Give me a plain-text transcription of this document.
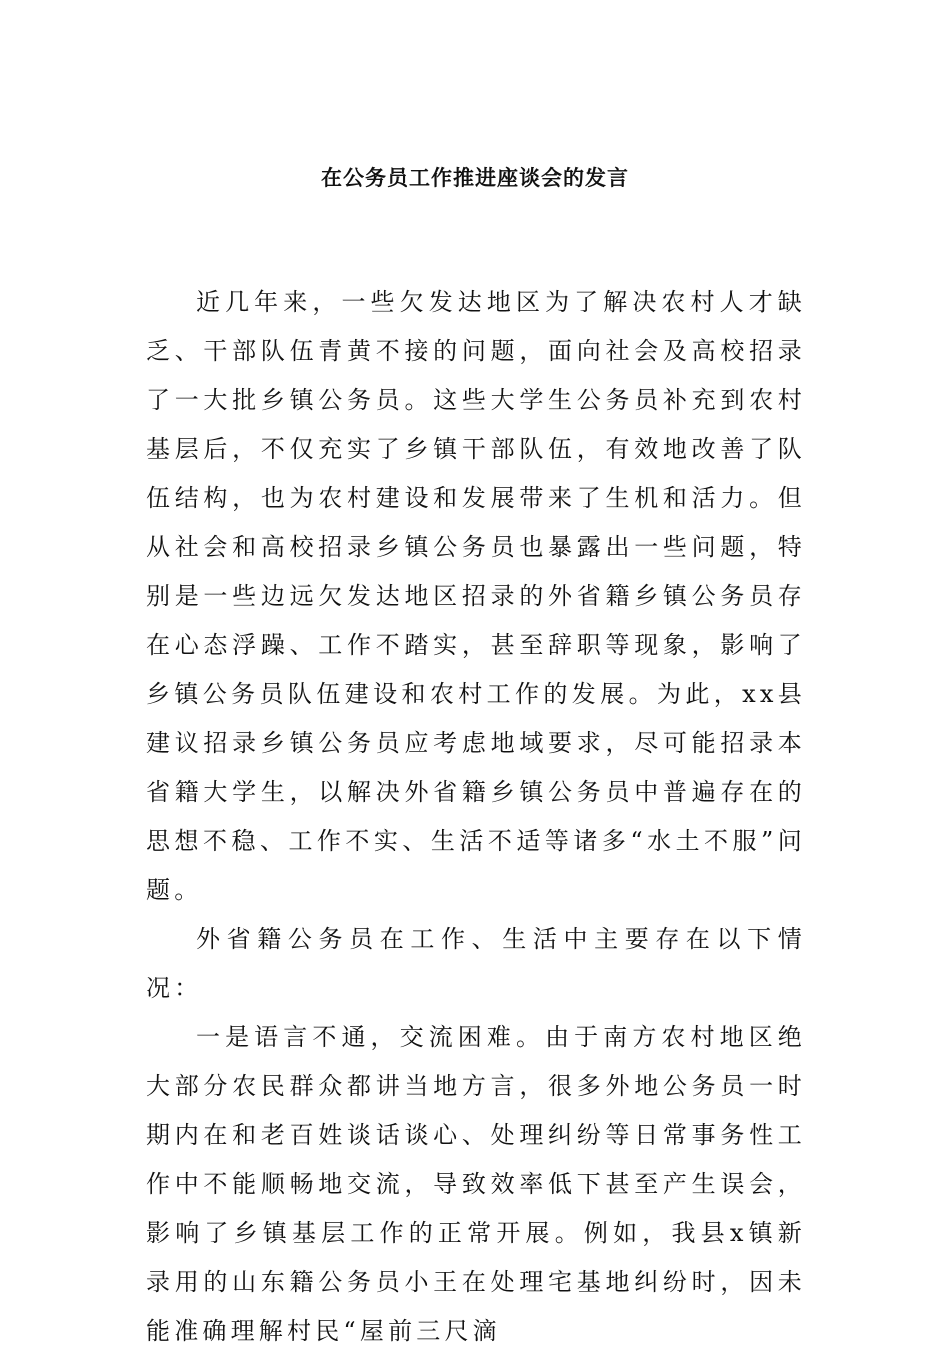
在公务员工作推进座谈会的发言

近几年来，一些欠发达地区为了解决农村人才缺乏、干部队伍青黄不接的问题，面向社会及高校招录了一大批乡镇公务员。这些大学生公务员补充到农村基层后，不仅充实了乡镇干部队伍，有效地改善了队伍结构，也为农村建设和发展带来了生机和活力。但从社会和高校招录乡镇公务员也暴露出一些问题，特别是一些边远欠发达地区招录的外省籍乡镇公务员存在心态浮躁、工作不踏实，甚至辞职等现象，影响了乡镇公务员队伍建设和农村工作的发展。为此，xx县建议招录乡镇公务员应考虑地域要求，尽可能招录本省籍大学生，以解决外省籍乡镇公务员中普遍存在的思想不稳、工作不实、生活不适等诸多“水土不服”问题。

外省籍公务员在工作、生活中主要存在以下情况：

一是语言不通，交流困难。由于南方农村地区绝大部分农民群众都讲当地方言，很多外地公务员一时期内在和老百姓谈话谈心、处理纠纷等日常事务性工作中不能顺畅地交流，导致效率低下甚至产生误会，影响了乡镇基层工作的正常开展。例如，我县x镇新录用的山东籍公务员小王在处理宅基地纠纷时，因未能准确理解村民“屋前三尺滴
